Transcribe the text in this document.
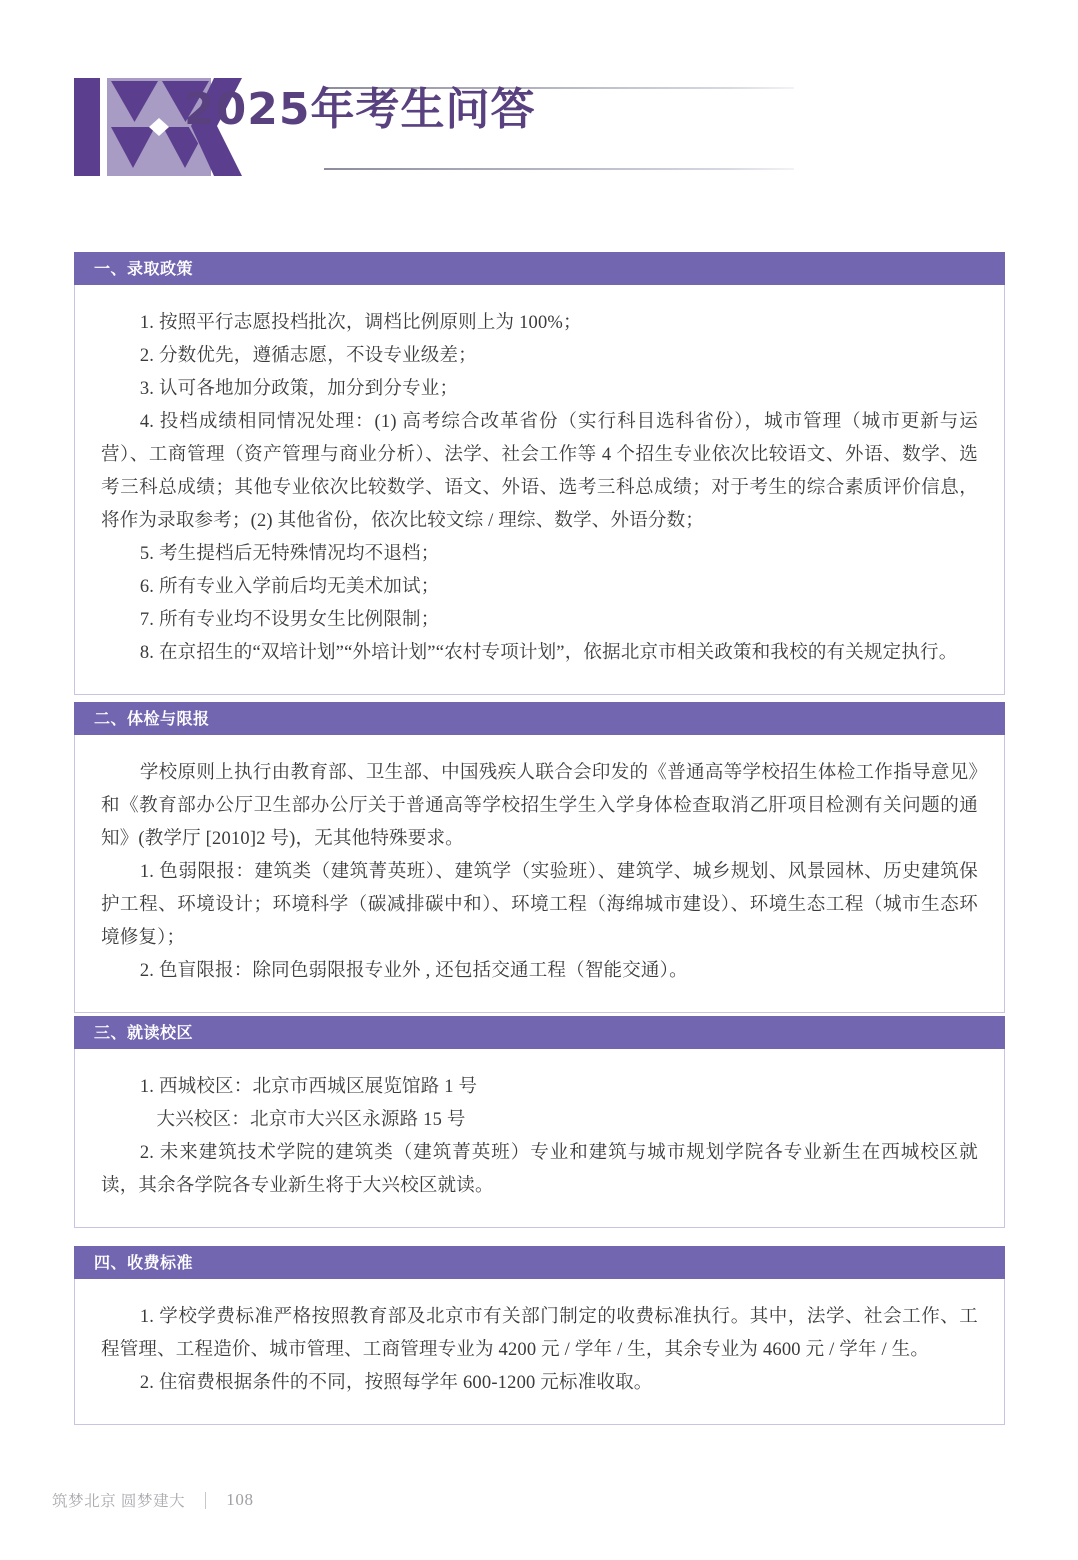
2025年考生问答
一、录取政策

1. 按照平行志愿投档批次，调档比例原则上为 100%；

2. 分数优先，遵循志愿，不设专业级差；

3. 认可各地加分政策，加分到分专业；

4. 投档成绩相同情况处理：(1) 高考综合改革省份（实行科目选科省份），城市管理（城市更新与运营）、工商管理（资产管理与商业分析）、法学、社会工作等 4 个招生专业依次比较语文、外语、数学、选考三科总成绩；其他专业依次比较数学、语文、外语、选考三科总成绩；对于考生的综合素质评价信息，将作为录取参考；(2) 其他省份，依次比较文综 / 理综、数学、外语分数；

5. 考生提档后无特殊情况均不退档；

6. 所有专业入学前后均无美术加试；

7. 所有专业均不设男女生比例限制；

8. 在京招生的“双培计划”“外培计划”“农村专项计划”，依据北京市相关政策和我校的有关规定执行。

二、体检与限报

学校原则上执行由教育部、卫生部、中国残疾人联合会印发的《普通高等学校招生体检工作指导意见》和《教育部办公厅卫生部办公厅关于普通高等学校招生学生入学身体检查取消乙肝项目检测有关问题的通知》(教学厅 [2010]2 号)，无其他特殊要求。

1. 色弱限报：建筑类（建筑菁英班）、建筑学（实验班）、建筑学、城乡规划、风景园林、历史建筑保护工程、环境设计；环境科学（碳减排碳中和）、环境工程（海绵城市建设）、环境生态工程（城市生态环境修复）；

2. 色盲限报：除同色弱限报专业外 , 还包括交通工程（智能交通）。

三、就读校区

1. 西城校区：北京市西城区展览馆路 1 号

大兴校区：北京市大兴区永源路 15 号

2. 未来建筑技术学院的建筑类（建筑菁英班）专业和建筑与城市规划学院各专业新生在西城校区就读，其余各学院各专业新生将于大兴校区就读。

四、收费标准

1. 学校学费标准严格按照教育部及北京市有关部门制定的收费标准执行。其中，法学、社会工作、工程管理、工程造价、城市管理、工商管理专业为 4200 元 / 学年 / 生，其余专业为 4600 元 / 学年 / 生。

2. 住宿费根据条件的不同，按照每学年 600-1200 元标准收取。

筑梦北京 圆梦建大 108
